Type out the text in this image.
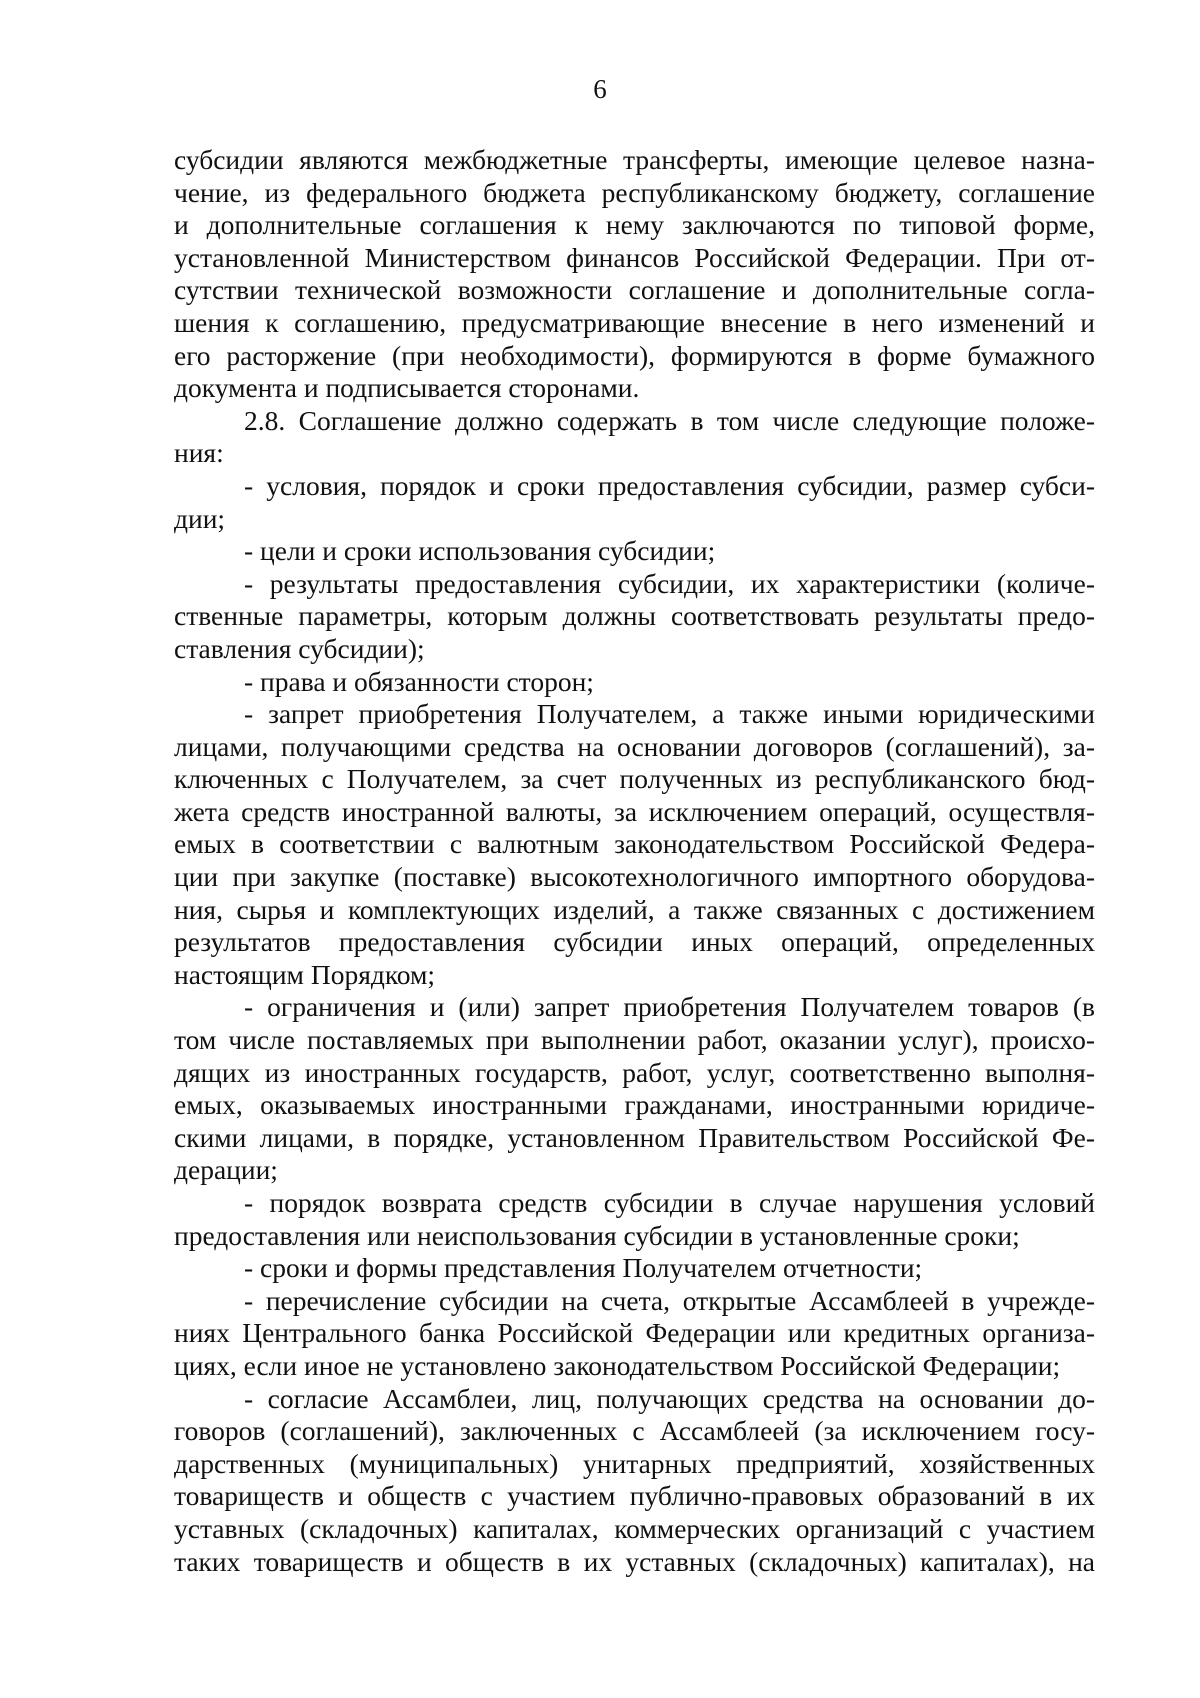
6
субсидии являются межбюджетные трансферты, имеющие целевое назна-
чение, из федерального бюджета республиканскому бюджету, соглашение
и дополнительные соглашения к нему заключаются по типовой форме,
установленной Министерством финансов Российской Федерации. При от-
сутствии технической возможности соглашение и дополнительные согла-
шения к соглашению, предусматривающие внесение в него изменений и
его расторжение (при необходимости), формируются в форме бумажного
документа и подписывается сторонами.
2.8. Соглашение должно содержать в том числе следующие положе-
ния:
- условия, порядок и сроки предоставления субсидии, размер субси-
дии;
- цели и сроки использования субсидии;
- результаты предоставления субсидии, их характеристики (количе-
ственные параметры, которым должны соответствовать результаты предо-
ставления субсидии);
- права и обязанности сторон;
- запрет приобретения Получателем, а также иными юридическими
лицами, получающими средства на основании договоров (соглашений), за-
ключенных с Получателем, за счет полученных из республиканского бюд-
жета средств иностранной валюты, за исключением операций, осуществля-
емых в соответствии с валютным законодательством Российской Федера-
ции при закупке (поставке) высокотехнологичного импортного оборудова-
ния, сырья и комплектующих изделий, а также связанных с достижением
результатов предоставления субсидии иных операций, определенных
настоящим Порядком;
- ограничения и (или) запрет приобретения Получателем товаров (в
том числе поставляемых при выполнении работ, оказании услуг), происхо-
дящих из иностранных государств, работ, услуг, соответственно выполня-
емых, оказываемых иностранными гражданами, иностранными юридиче-
скими лицами, в порядке, установленном Правительством Российской Фе-
дерации;
- порядок возврата средств субсидии в случае нарушения условий
предоставления или неиспользования субсидии в установленные сроки;
- сроки и формы представления Получателем отчетности;
- перечисление субсидии на счета, открытые Ассамблеей в учрежде-
ниях Центрального банка Российской Федерации или кредитных организа-
циях, если иное не установлено законодательством Российской Федерации;
- согласие Ассамблеи, лиц, получающих средства на основании до-
говоров (соглашений), заключенных с Ассамблеей (за исключением госу-
дарственных (муниципальных) унитарных предприятий, хозяйственных
товариществ и обществ с участием публично-правовых образований в их
уставных (складочных) капиталах, коммерческих организаций с участием
таких товариществ и обществ в их уставных (складочных) капиталах), на
